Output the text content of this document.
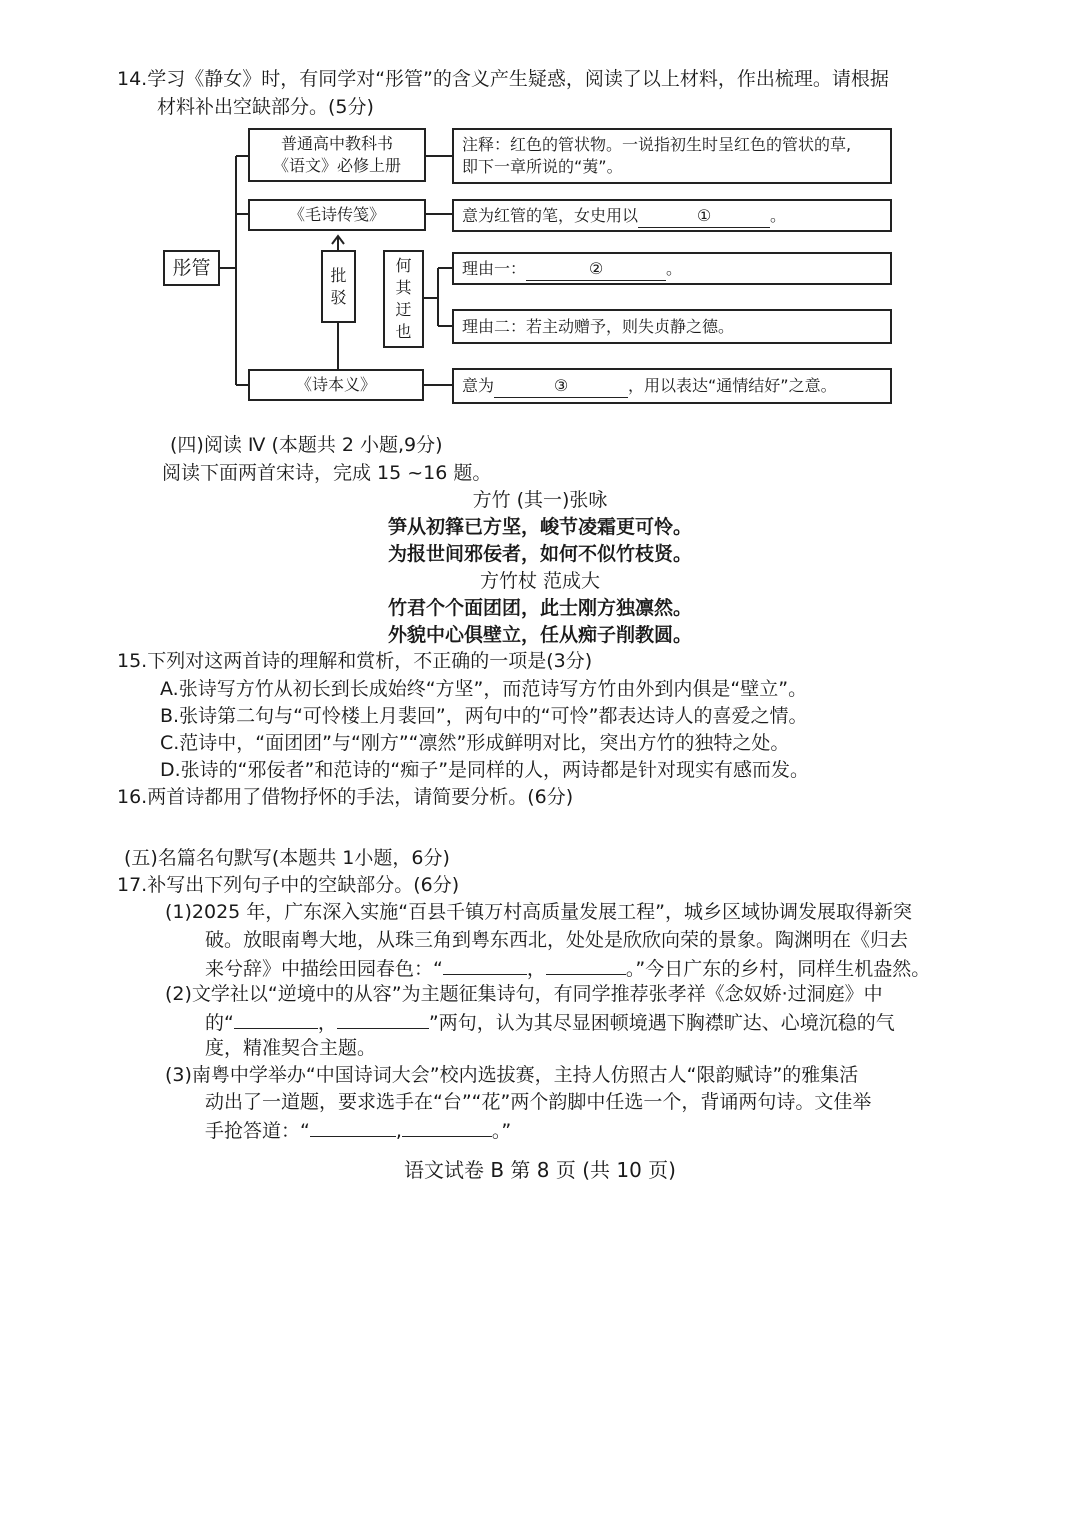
14.学习《静女》时，有同学对“彤管”的含义产生疑惑，阅读了以上材料，作出梳理。请根据
材料补出空缺部分。(5分)
彤管
普通高中教科书
《语文》必修上册
注释：红色的管状物。一说指初生时呈红色的管状的草,
即下一章所说的“荑”。
《毛诗传笺》	意为红管的笔，女史用以	①	。
批
驳
何
其
迂
也
理由一：	②	。
理由二：若主动赠予，则失贞静之德。
《诗本义》	意为	③	，用以表达“通情结好”之意。
(四)阅读 Ⅳ (本题共 2 小题,9分)
阅读下面两首宋诗，完成 15 ~16 题。
方竹 (其一)张咏
笋从初箨已方坚，峻节凌霜更可怜。
为报世间邪佞者，如何不似竹枝贤。
方竹杖 范成大
竹君个个面团团，此士刚方独凛然。
外貌中心俱壁立，任从痴子削教圆。
15.下列对这两首诗的理解和赏析，不正确的一项是(3分)
A.张诗写方竹从初长到长成始终“方坚”，而范诗写方竹由外到内俱是“壁立”。
B.张诗第二句与“可怜楼上月裴回”，两句中的“可怜”都表达诗人的喜爱之情。
C.范诗中，“面团团”与“刚方”“凛然”形成鲜明对比，突出方竹的独特之处。
D.张诗的“邪佞者”和范诗的“痴子”是同样的人，两诗都是针对现实有感而发。
16.两首诗都用了借物抒怀的手法，请简要分析。(6分)
(五)名篇名句默写(本题共 1小题，6分)
17.补写出下列句子中的空缺部分。(6分)
(1)2025 年，广东深入实施“百县千镇万村高质量发展工程”，城乡区域协调发展取得新突
破。放眼南粤大地，从珠三角到粤东西北，处处是欣欣向荣的景象。陶渊明在《归去
来兮辞》中描绘田园春色：“	，	。”今日广东的乡村，同样生机盎然。
(2)文学社以“逆境中的从容”为主题征集诗句，有同学推荐张孝祥《念奴娇·过洞庭》中
的“	，	”两句，认为其尽显困顿境遇下胸襟旷达、心境沉稳的气
度，精准契合主题。
(3)南粤中学举办“中国诗词大会”校内选拔赛，主持人仿照古人“限韵赋诗”的雅集活
动出了一道题，要求选手在“台”“花”两个韵脚中任选一个，背诵两句诗。文佳举
手抢答道：“	,	。”
语文试卷 B 第 8 页 (共 10 页)
